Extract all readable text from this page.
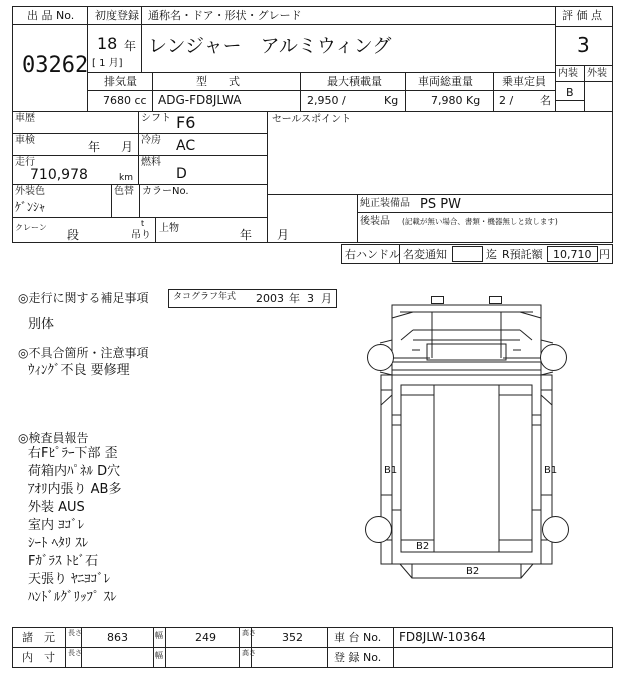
出 品 No.
03262
初度登録
18 年
[ 1 月]
通称名・ドア・形状・グレード
レンジャー　アルミウィング
評 価 点
3
内装 外装
B
排気量	型　　式	最大積載量	車両総重量	乗車定員
7680 cc ADG-FD8JLWA	2,950 /	Kg	7,980 Kg 2 / 名
車歴	シフト F6	セールスポイント
車検	年 月 冷房 AC
走行
710,978	km
燃料
D
外装色
ｹﾞﾝｼｬ
色替 カラーNo.
純正装備品 PS PW
後装品 (記載が無い場合、書類・機器無しと致します)
クレーン
段
t
吊り
上物	年 月
右ハンドル 名変通知	迄 R預託額 10,710 円
◎走行に関する補足事項	タコグラフ年式 2003 年 3 月
別体
◎不具合箇所・注意事項
ｳｨﾝｸﾞ不良 要修理
◎検査員報告
右Fﾋﾟﾗｰ下部 歪
荷箱内ﾊﾟﾈﾙ D穴
ｱｵﾘ内張り AB多
外装 AUS
室内 ﾖｺﾞﾚ
ｼｰﾄ ﾍﾀﾘ ｽﾚ
Fｶﾞﾗｽ ﾄﾋﾞ石
天張り ﾔﾆﾖｺﾞﾚ
ﾊﾝﾄﾞﾙｸﾞﾘｯﾌﾟ ｽﾚ
B1	B1
B2
B2
諸　元 長さ 863	幅	249	高さ 352	車 台 No. FD8JLW-10364
内　寸 長さ	幅	高さ	登 録 No.
